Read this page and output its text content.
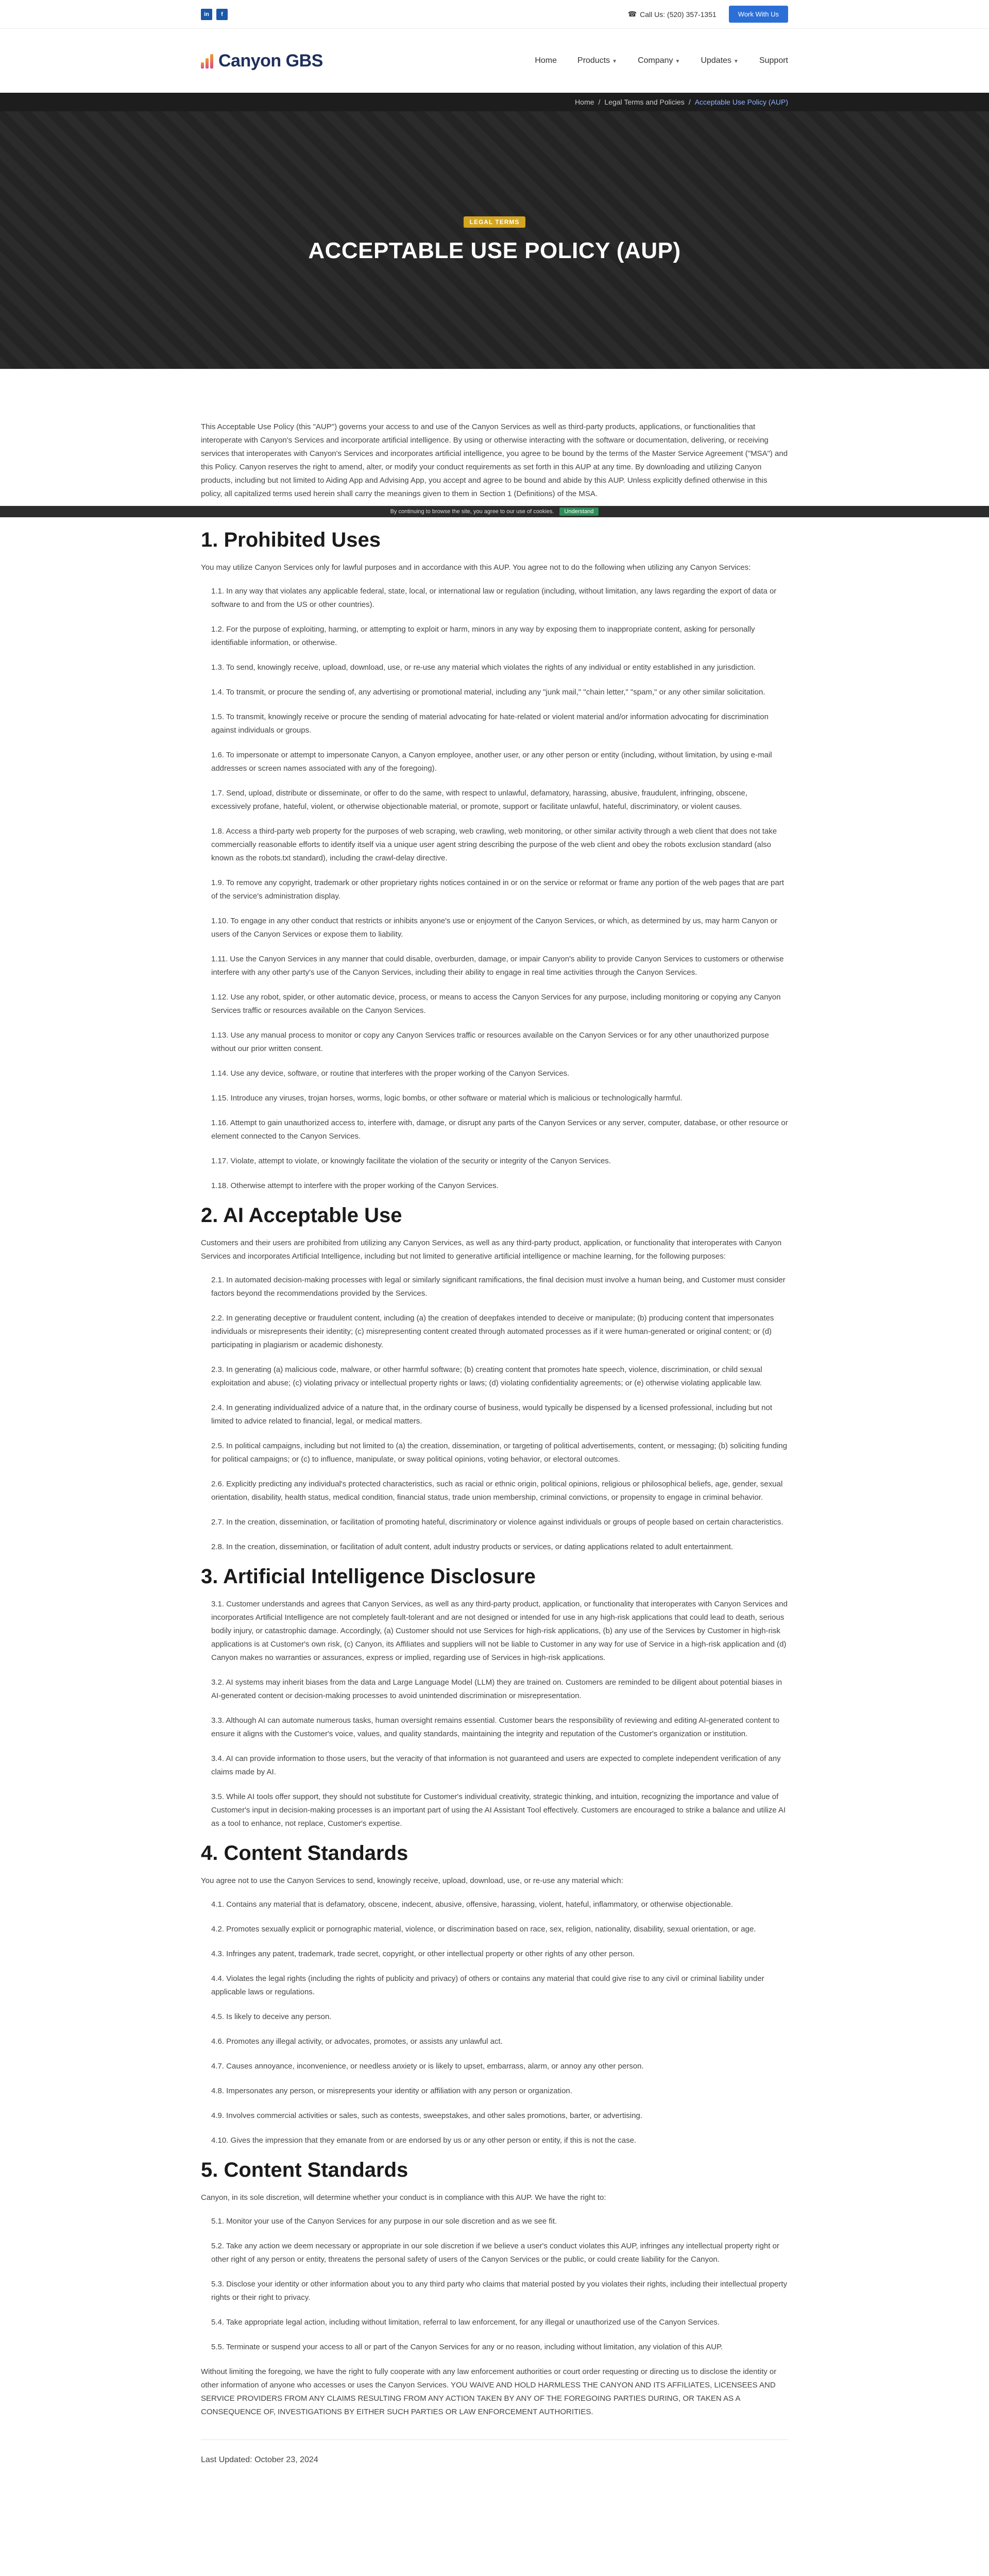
in	f	☎ Call Us: (520) 357-1351	Work With Us
Canyon GBS	Home	Products ▼	Company ▼	Updates ▼	Support
Home / Legal Terms and Policies / Acceptable Use Policy (AUP)
LEGAL TERMS
ACCEPTABLE USE POLICY (AUP)

This Acceptable Use Policy (this "AUP") governs your access to and use of the Canyon Services as well as third-party products, applications, or functionalities that interoperate with Canyon's Services and incorporate artificial intelligence. By using or otherwise interacting with the software or documentation, delivering, or receiving services that interoperates with Canyon's Services and incorporates artificial intelligence, you agree to be bound by the terms of the Master Service Agreement ("MSA") and this Policy. Canyon reserves the right to amend, alter, or modify your conduct requirements as set forth in this AUP at any time. By downloading and utilizing Canyon products, including but not limited to Aiding App and Advising App, you accept and agree to be bound and abide by this AUP. Unless explicitly defined otherwise in this policy, all capitalized terms used herein shall carry the meanings given to them in Section 1 (Definitions) of the MSA.

By continuing to browse the site, you agree to our use of cookies.	Understand
1. Prohibited Uses

You may utilize Canyon Services only for lawful purposes and in accordance with this AUP. You agree not to do the following when utilizing any Canyon Services:

1.1. In any way that violates any applicable federal, state, local, or international law or regulation (including, without limitation, any laws regarding the export of data or software to and from the US or other countries).

1.2. For the purpose of exploiting, harming, or attempting to exploit or harm, minors in any way by exposing them to inappropriate content, asking for personally identifiable information, or otherwise.

1.3. To send, knowingly receive, upload, download, use, or re-use any material which violates the rights of any individual or entity established in any jurisdiction.

1.4. To transmit, or procure the sending of, any advertising or promotional material, including any "junk mail," "chain letter," "spam," or any other similar solicitation.

1.5. To transmit, knowingly receive or procure the sending of material advocating for hate-related or violent material and/or information advocating for discrimination against individuals or groups.

1.6. To impersonate or attempt to impersonate Canyon, a Canyon employee, another user, or any other person or entity (including, without limitation, by using e-mail addresses or screen names associated with any of the foregoing).

1.7. Send, upload, distribute or disseminate, or offer to do the same, with respect to unlawful, defamatory, harassing, abusive, fraudulent, infringing, obscene, excessively profane, hateful, violent, or otherwise objectionable material, or promote, support or facilitate unlawful, hateful, discriminatory, or violent causes.

1.8. Access a third-party web property for the purposes of web scraping, web crawling, web monitoring, or other similar activity through a web client that does not take commercially reasonable efforts to identify itself via a unique user agent string describing the purpose of the web client and obey the robots exclusion standard (also known as the robots.txt standard), including the crawl-delay directive.

1.9. To remove any copyright, trademark or other proprietary rights notices contained in or on the service or reformat or frame any portion of the web pages that are part of the service's administration display.

1.10. To engage in any other conduct that restricts or inhibits anyone's use or enjoyment of the Canyon Services, or which, as determined by us, may harm Canyon or users of the Canyon Services or expose them to liability.

1.11. Use the Canyon Services in any manner that could disable, overburden, damage, or impair Canyon's ability to provide Canyon Services to customers or otherwise interfere with any other party's use of the Canyon Services, including their ability to engage in real time activities through the Canyon Services.

1.12. Use any robot, spider, or other automatic device, process, or means to access the Canyon Services for any purpose, including monitoring or copying any Canyon Services traffic or resources available on the Canyon Services.

1.13. Use any manual process to monitor or copy any Canyon Services traffic or resources available on the Canyon Services or for any other unauthorized purpose without our prior written consent.

1.14. Use any device, software, or routine that interferes with the proper working of the Canyon Services.

1.15. Introduce any viruses, trojan horses, worms, logic bombs, or other software or material which is malicious or technologically harmful.

1.16. Attempt to gain unauthorized access to, interfere with, damage, or disrupt any parts of the Canyon Services or any server, computer, database, or other resource or element connected to the Canyon Services.

1.17. Violate, attempt to violate, or knowingly facilitate the violation of the security or integrity of the Canyon Services.

1.18. Otherwise attempt to interfere with the proper working of the Canyon Services.

2. AI Acceptable Use

Customers and their users are prohibited from utilizing any Canyon Services, as well as any third-party product, application, or functionality that interoperates with Canyon Services and incorporates Artificial Intelligence, including but not limited to generative artificial intelligence or machine learning, for the following purposes:

2.1. In automated decision-making processes with legal or similarly significant ramifications, the final decision must involve a human being, and Customer must consider factors beyond the recommendations provided by the Services.

2.2. In generating deceptive or fraudulent content, including (a) the creation of deepfakes intended to deceive or manipulate; (b) producing content that impersonates individuals or misrepresents their identity; (c) misrepresenting content created through automated processes as if it were human-generated or original content; or (d) participating in plagiarism or academic dishonesty.

2.3. In generating (a) malicious code, malware, or other harmful software; (b) creating content that promotes hate speech, violence, discrimination, or child sexual exploitation and abuse; (c) violating privacy or intellectual property rights or laws; (d) violating confidentiality agreements; or (e) otherwise violating applicable law.

2.4. In generating individualized advice of a nature that, in the ordinary course of business, would typically be dispensed by a licensed professional, including but not limited to advice related to financial, legal, or medical matters.

2.5. In political campaigns, including but not limited to (a) the creation, dissemination, or targeting of political advertisements, content, or messaging; (b) soliciting funding for political campaigns; or (c) to influence, manipulate, or sway political opinions, voting behavior, or electoral outcomes.

2.6. Explicitly predicting any individual's protected characteristics, such as racial or ethnic origin, political opinions, religious or philosophical beliefs, age, gender, sexual orientation, disability, health status, medical condition, financial status, trade union membership, criminal convictions, or propensity to engage in criminal behavior.

2.7. In the creation, dissemination, or facilitation of promoting hateful, discriminatory or violence against individuals or groups of people based on certain characteristics.

2.8. In the creation, dissemination, or facilitation of adult content, adult industry products or services, or dating applications related to adult entertainment.

3. Artificial Intelligence Disclosure

3.1. Customer understands and agrees that Canyon Services, as well as any third-party product, application, or functionality that interoperates with Canyon Services and incorporates Artificial Intelligence are not completely fault-tolerant and are not designed or intended for use in any high-risk applications that could lead to death, serious bodily injury, or catastrophic damage. Accordingly, (a) Customer should not use Services for high-risk applications, (b) any use of the Services by Customer in high-risk applications is at Customer's own risk, (c) Canyon, its Affiliates and suppliers will not be liable to Customer in any way for use of Service in a high-risk application and (d) Canyon makes no warranties or assurances, express or implied, regarding use of Services in high-risk applications.

3.2. AI systems may inherit biases from the data and Large Language Model (LLM) they are trained on. Customers are reminded to be diligent about potential biases in AI-generated content or decision-making processes to avoid unintended discrimination or misrepresentation.

3.3. Although AI can automate numerous tasks, human oversight remains essential. Customer bears the responsibility of reviewing and editing AI-generated content to ensure it aligns with the Customer's voice, values, and quality standards, maintaining the integrity and reputation of the Customer's organization or institution.

3.4. AI can provide information to those users, but the veracity of that information is not guaranteed and users are expected to complete independent verification of any claims made by AI.

3.5. While AI tools offer support, they should not substitute for Customer's individual creativity, strategic thinking, and intuition, recognizing the importance and value of Customer's input in decision-making processes is an important part of using the AI Assistant Tool effectively. Customers are encouraged to strike a balance and utilize AI as a tool to enhance, not replace, Customer's expertise.

4. Content Standards

You agree not to use the Canyon Services to send, knowingly receive, upload, download, use, or re-use any material which:

4.1. Contains any material that is defamatory, obscene, indecent, abusive, offensive, harassing, violent, hateful, inflammatory, or otherwise objectionable.

4.2. Promotes sexually explicit or pornographic material, violence, or discrimination based on race, sex, religion, nationality, disability, sexual orientation, or age.

4.3. Infringes any patent, trademark, trade secret, copyright, or other intellectual property or other rights of any other person.

4.4. Violates the legal rights (including the rights of publicity and privacy) of others or contains any material that could give rise to any civil or criminal liability under applicable laws or regulations.

4.5. Is likely to deceive any person.

4.6. Promotes any illegal activity, or advocates, promotes, or assists any unlawful act.

4.7. Causes annoyance, inconvenience, or needless anxiety or is likely to upset, embarrass, alarm, or annoy any other person.

4.8. Impersonates any person, or misrepresents your identity or affiliation with any person or organization.

4.9. Involves commercial activities or sales, such as contests, sweepstakes, and other sales promotions, barter, or advertising.

4.10. Gives the impression that they emanate from or are endorsed by us or any other person or entity, if this is not the case.

5. Content Standards

Canyon, in its sole discretion, will determine whether your conduct is in compliance with this AUP. We have the right to:

5.1. Monitor your use of the Canyon Services for any purpose in our sole discretion and as we see fit.

5.2. Take any action we deem necessary or appropriate in our sole discretion if we believe a user's conduct violates this AUP, infringes any intellectual property right or other right of any person or entity, threatens the personal safety of users of the Canyon Services or the public, or could create liability for the Canyon.

5.3. Disclose your identity or other information about you to any third party who claims that material posted by you violates their rights, including their intellectual property rights or their right to privacy.

5.4. Take appropriate legal action, including without limitation, referral to law enforcement, for any illegal or unauthorized use of the Canyon Services.

5.5. Terminate or suspend your access to all or part of the Canyon Services for any or no reason, including without limitation, any violation of this AUP.

Without limiting the foregoing, we have the right to fully cooperate with any law enforcement authorities or court order requesting or directing us to disclose the identity or other information of anyone who accesses or uses the Canyon Services. YOU WAIVE AND HOLD HARMLESS THE CANYON AND ITS AFFILIATES, LICENSEES AND SERVICE PROVIDERS FROM ANY CLAIMS RESULTING FROM ANY ACTION TAKEN BY ANY OF THE FOREGOING PARTIES DURING, OR TAKEN AS A CONSEQUENCE OF, INVESTIGATIONS BY EITHER SUCH PARTIES OR LAW ENFORCEMENT AUTHORITIES.

Last Updated: October 23, 2024
